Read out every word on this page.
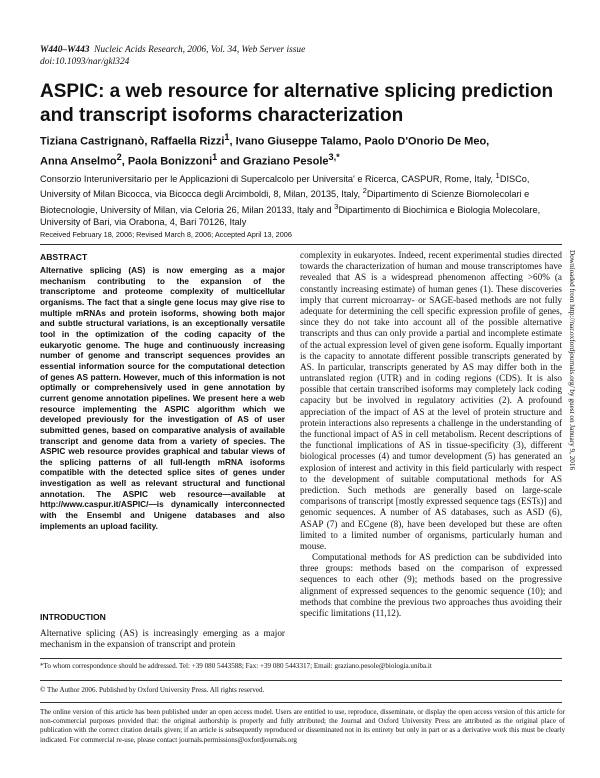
W440–W443 Nucleic Acids Research, 2006, Vol. 34, Web Server issue
doi:10.1093/nar/gkl324
ASPIC: a web resource for alternative splicing prediction and transcript isoforms characterization
Tiziana Castrignanò, Raffaella Rizzi$^1$, Ivano Giuseppe Talamo, Paolo D'Onorio De Meo,
Anna Anselmo$^2$, Paola Bonizzoni$^1$ and Graziano Pesole$^{3,*}$
Consorzio Interuniversitario per le Applicazioni di Supercalcolo per Universita' e Ricerca, CASPUR, Rome, Italy, $^1$DISCo, University of Milan Bicocca, via Bicocca degli Arcimboldi, 8, Milan, 20135, Italy, $^2$Dipartimento di Scienze Biomolecolari e Biotecnologie, University of Milan, via Celoria 26, Milan 20133, Italy and $^3$Dipartimento di Biochimica e Biologia Molecolare, University of Bari, via Orabona, 4, Bari 70126, Italy
Received February 18, 2006; Revised March 8, 2006; Accepted April 13, 2006
ABSTRACT
Alternative splicing (AS) is now emerging as a major mechanism contributing to the expansion of the transcriptome and proteome complexity of multicellular organisms. The fact that a single gene locus may give rise to multiple mRNAs and protein isoforms, showing both major and subtle structural variations, is an exceptionally versatile tool in the optimization of the coding capacity of the eukaryotic genome. The huge and continuously increasing number of genome and transcript sequences provides an essential information source for the computational detection of genes AS pattern. However, much of this information is not optimally or comprehensively used in gene annotation by current genome annotation pipelines. We present here a web resource implementing the ASPIC algorithm which we developed previously for the investigation of AS of user submitted genes, based on comparative analysis of available transcript and genome data from a variety of species. The ASPIC web resource provides graphical and tabular views of the splicing patterns of all full-length mRNA isoforms compatible with the detected splice sites of genes under investigation as well as relevant structural and functional annotation. The ASPIC web resource—available at http://www.caspur.it/ASPIC/—is dynamically interconnected with the Ensembl and Unigene databases and also implements an upload facility.
INTRODUCTION
Alternative splicing (AS) is increasingly emerging as a major mechanism in the expansion of transcript and protein

complexity in eukaryotes. Indeed, recent experimental studies directed towards the characterization of human and mouse transcriptomes have revealed that AS is a widespread phenomenon affecting >60% (a constantly increasing estimate) of human genes (1). These discoveries imply that current microarray- or SAGE-based methods are not fully adequate for determining the cell specific expression profile of genes, since they do not take into account all of the possible alternative transcripts and thus can only provide a partial and incomplete estimate of the actual expression level of given gene isoform. Equally important is the capacity to annotate different possible transcripts generated by AS. In particular, transcripts generated by AS may differ both in the untranslated region (UTR) and in coding regions (CDS). It is also possible that certain transcribed isoforms may completely lack coding capacity but be involved in regulatory activities (2). A profound appreciation of the impact of AS at the level of protein structure and protein interactions also represents a challenge in the understanding of the functional impact of AS in cell metabolism. Recent descriptions of the functional implications of AS in tissue-specificity (3), different biological processes (4) and tumor development (5) has generated an explosion of interest and activity in this field particularly with respect to the development of suitable computational methods for AS prediction. Such methods are generally based on large-scale comparisons of transcript [mostly expressed sequence tags (ESTs)] and genomic sequences. A number of AS databases, such as ASD (6), ASAP (7) and ECgene (8), have been developed but these are often limited to a limited number of organisms, particularly human and mouse.

Computational methods for AS prediction can be subdivided into three groups: methods based on the comparison of expressed sequences to each other (9); methods based on the progressive alignment of expressed sequences to the genomic sequence (10); and methods that combine the previous two approaches thus avoiding their specific limitations (11,12).

*To whom correspondence should be addressed. Tel: +39 080 5443588; Fax: +39 080 5443317; Email: graziano.pesole@biologia.uniba.it
© The Author 2006. Published by Oxford University Press. All rights reserved.
The online version of this article has been published under an open access model. Users are entitled to use, reproduce, disseminate, or display the open access version of this article for non-commercial purposes provided that: the original authorship is properly and fully attributed; the Journal and Oxford University Press are attributed as the original place of publication with the correct citation details given; if an article is subsequently reproduced or disseminated not in its entirety but only in part or as a derivative work this must be clearly indicated. For commercial re-use, please contact journals.permissions@oxfordjournals.org
Downloaded from http://nar.oxfordjournals.org/ by guest on January 9, 2016
